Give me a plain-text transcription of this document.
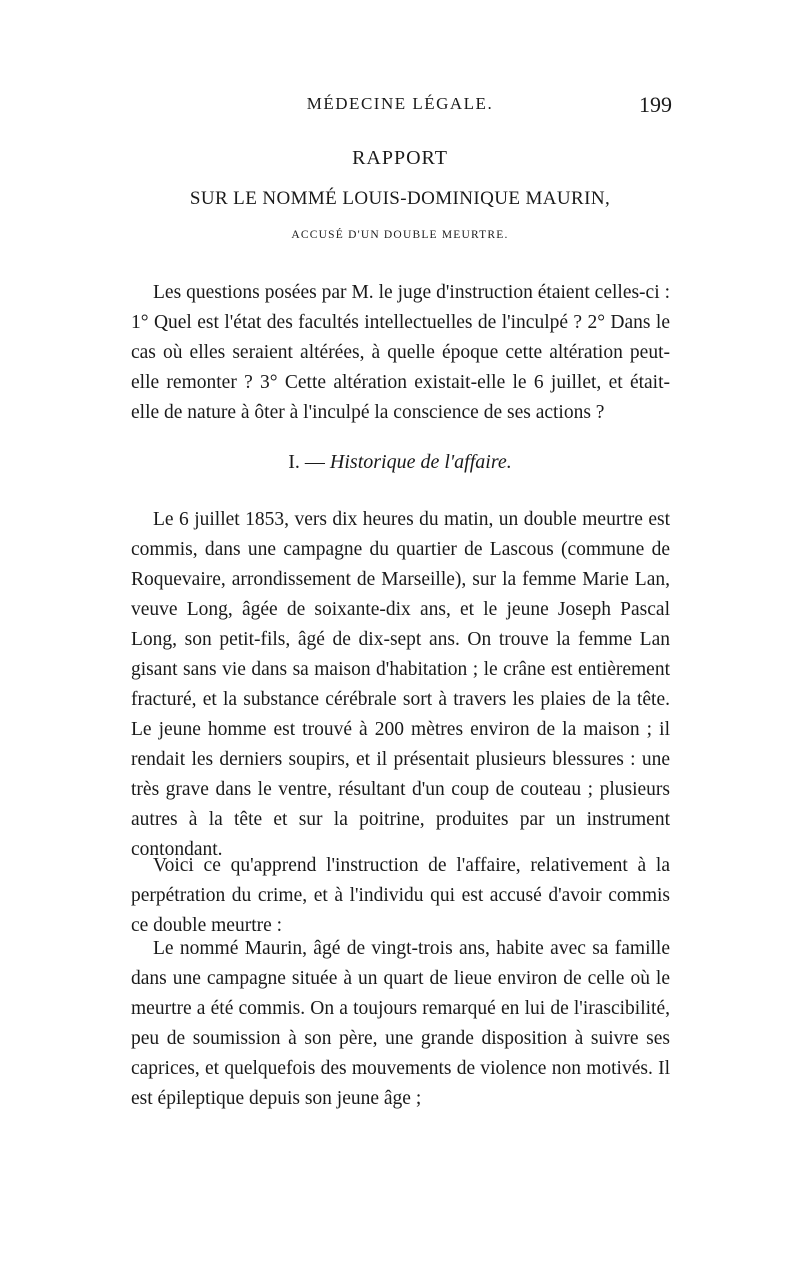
MÉDECINE LÉGALE.	199
RAPPORT
SUR LE NOMMÉ LOUIS-DOMINIQUE MAURIN,
ACCUSÉ D'UN DOUBLE MEURTRE.

Les questions posées par M. le juge d'instruction étaient celles-ci : 1° Quel est l'état des facultés intellectuelles de l'inculpé ? 2° Dans le cas où elles seraient altérées, à quelle époque cette altération peut-elle remonter ? 3° Cette altération existait-elle le 6 juillet, et était-elle de nature à ôter à l'inculpé la conscience de ses actions ?

I. — Historique de l'affaire.

Le 6 juillet 1853, vers dix heures du matin, un double meurtre est commis, dans une campagne du quartier de Lascous (commune de Roquevaire, arrondissement de Marseille), sur la femme Marie Lan, veuve Long, âgée de soixante-dix ans, et le jeune Joseph Pascal Long, son petit-fils, âgé de dix-sept ans. On trouve la femme Lan gisant sans vie dans sa maison d'habitation ; le crâne est entièrement fracturé, et la substance cérébrale sort à travers les plaies de la tête. Le jeune homme est trouvé à 200 mètres environ de la maison ; il rendait les derniers soupirs, et il présentait plusieurs blessures : une très grave dans le ventre, résultant d'un coup de couteau ; plusieurs autres à la tête et sur la poitrine, produites par un instrument contondant.

Voici ce qu'apprend l'instruction de l'affaire, relativement à la perpétration du crime, et à l'individu qui est accusé d'avoir commis ce double meurtre :

Le nommé Maurin, âgé de vingt-trois ans, habite avec sa famille dans une campagne située à un quart de lieue environ de celle où le meurtre a été commis. On a toujours remarqué en lui de l'irascibilité, peu de soumission à son père, une grande disposition à suivre ses caprices, et quelquefois des mouvements de violence non motivés. Il est épileptique depuis son jeune âge ;
